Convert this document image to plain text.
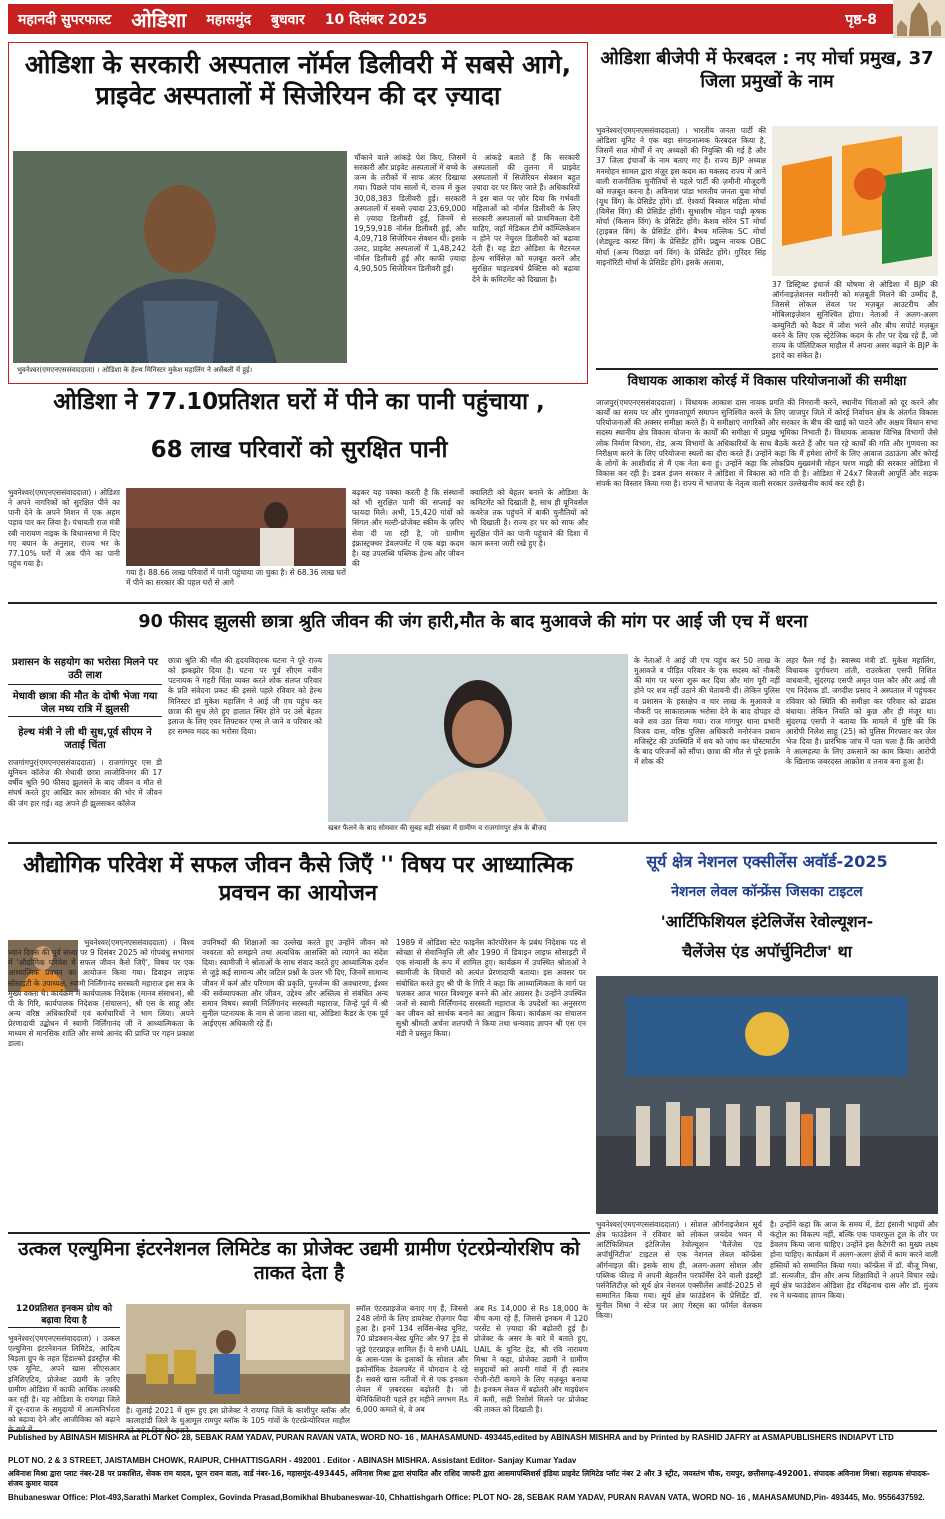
महानदी सुपरफास्ट ओडिशा महासमुंद बुधवार 10 दिसंबर 2025	पृष्ठ-8
ओडिशा के सरकारी अस्पताल नॉर्मल डिलीवरी में सबसे आगे, प्राइवेट अस्पतालों में सिजेरियन की दर ज़्यादा
भुवनेश्वर(एमएनएससंवाददाता) । ओडिशा के हेल्थ मिनिस्टर मुकेश महालिंग ने असेंबली में हुई।
चौंकाने वाले आंकड़े पेश किए, जिसमें सरकारी और प्राइवेट अस्पतालों में बच्चे के जन्म के तरीकों में साफ अंतर दिखाया गया। पिछले पांच सालों में, राज्य में कुल 30,08,383 डिलीवरी हुईं। सरकारी अस्पतालों में सबसे ज़्यादा 23,69,000 से ज़्यादा डिलीवरी हुईं, जिनमें से 19,59,918 नॉर्मल डिलीवरी हुईं, और 4,09,718 सिजेरियन सेक्शन थीं। इसके उलट, प्राइवेट अस्पतालों में 1,48,242 नॉर्मल डिलीवरी हुईं और काफी ज़्यादा 4,90,505 सिजेरियन डिलीवरी हुईं।
ये आंकड़े बताते हैं कि सरकारी अस्पतालों की तुलना में प्राइवेट अस्पतालों में सिजेरियन सेक्शन बहुत ज़्यादा दर पर किए जाते हैं। अधिकारियों ने इस बात पर ज़ोर दिया कि गर्भवती महिलाओं को नॉर्मल डिलीवरी के लिए सरकारी अस्पतालों को प्राथमिकता देनी चाहिए, जहाँ मेडिकल टीमें कॉम्प्लिकेशन न होने पर नेचुरल डिलीवरी को बढ़ावा देती हैं। यह डेटा ओडिशा के मैटरनल हेल्थ सर्विसेज़ को मज़बूत करने और सुरक्षित चाइल्डबर्थ प्रैक्टिस को बढ़ावा देने के कमिटमेंट को दिखाता है।
ओडिशा बीजेपी में फेरबदल : नए मोर्चा प्रमुख, 37 जिला प्रमुखों के नाम
भुवनेश्वर(एमएनएससंवाददाता) । भारतीय जनता पार्टी की ओडिशा यूनिट ने एक बड़ा संगठनात्मक फेरबदल किया है, जिसमें सात मोर्चों में नए अध्यक्षों की नियुक्ति की गई है और 37 जिला इंचार्जों के नाम बताए गए हैं। राज्य BJP अध्यक्ष मनमोहन सामल द्वारा मंज़ूर इस कदम का मकसद राज्य में आने वाली राजनीतिक चुनौतियों से पहले पार्टी की ज़मीनी मौजूदगी को मज़बूत करना है। अविनाश पांडा भारतीय जनता युवा मोर्चा (यूथ विंग) के प्रेसिडेंट होंगे। डॉ. ऐश्वर्या बिस्वाल महिला मोर्चा (विमेंस विंग) की प्रेसिडेंट होंगी। सुभाशीष मोहन पाढ़ी कृषक मोर्चा (किसान विंग) के प्रेसिडेंट होंगे। केशव सोरेन ST मोर्चा (ट्राइबल विंग) के प्रेसिडेंट होंगे। बैभब मल्लिक SC मोर्चा (शेड्यूल्ड कास्ट विंग) के प्रेसिडेंट होंगे। प्रद्युम्न नायक OBC मोर्चा (अन्य पिछड़ा वर्ग विंग) के प्रेसिडेंट होंगे। गुरिंदर सिंह माइनॉरिटी मोर्चा के प्रेसिडेंट होंगे। इसके अलावा,
37 डिस्ट्रिक्ट इंचार्ज की घोषणा से ओडिशा में BJP की ऑर्गनाइज़ेशनल मशीनरी को मज़बूती मिलने की उम्मीद है, जिससे लोकल लेवल पर मज़बूत आउटरीच और मोबिलाइज़ेशन सुनिश्चित होगा। नेताओं ने अलग-अलग कम्युनिटी को कैडर में जोश भरने और बीच सपोर्ट मज़बूत करने के लिए एक स्ट्रेटेजिक कदम के तौर पर देख रहे हैं, जो राज्य के पॉलिटिकल माहौल में अपना असर बढ़ाने के BJP के इरादे का संकेत है।
विधायक आकाश कोरई में विकास परियोजनाओं की समीक्षा
जाजपुर(एमएनएससंवाददाता) । विधायक आकाश दास नायक प्रगति की निगरानी करने, स्थानीय चिंताओं को दूर करने और कार्यों का समय पर और गुणवत्तापूर्ण समापन सुनिश्चित करने के लिए जाजपुर जिले में कोरई निर्वाचन क्षेत्र के अंतर्गत विकास परियोजनाओं की अक्सर समीक्षा करते हैं। ये समीक्षाएं नागरिकों और सरकार के बीच की खाई को पाटने और अक्षय विधान सभा सदस्य स्थानीय क्षेत्र विकास योजना के कार्यों की समीक्षा में प्रमुख भूमिका निभाती हैं। विधायक आकाश विभिन्न विभागों जैसे लोक निर्माण विभाग, रोड, अन्य विभागों के अधिकारियों के साथ बैठकें करते हैं और चल रहे कार्यों की गति और गुणवत्ता का निरीक्षण करने के लिए परियोजना स्थलों का दौरा करते हैं। उन्होंने कहा कि मैं हमेशा लोगों के लिए आवाज उठाऊंगा और कोरई के लोगों के आशीर्वाद से मैं एक नेता बना हूं। उन्होंने कहा कि लोकप्रिय मुख्यमंत्री मोहन चरण माझी की सरकार ओडिशा में विकास कर रही है। डबल इंजन सरकार ने ओडिशा में विकास को गति दी है। ओडिशा में 24x7 बिजली आपूर्ति और सड़क संपर्क का विस्तार किया गया है। राज्य में भाजपा के नेतृत्व वाली सरकार उल्लेखनीय कार्य कर रही है।
ओडिशा ने 77.10प्रतिशत घरों में पीने का पानी पहुंचाया ,
68 लाख परिवारों को सुरक्षित पानी
भुवनेश्वर(एमएनएससंवाददाता) । ओडिशा ने अपने नागरिकों को सुरक्षित पीने का पानी देने के अपने मिशन में एक अहम पड़ाव पार कर लिया है। पंचायती राज मंत्री रबी नारायण नाइक के विधानसभा में दिए गए बयान के अनुसार, राज्य भर के 77.10% घरों में अब पीने का पानी पहुंच गया है।
गया है। 88.66 लाख परिवारों में पानी पहुंचाया जा चुका है। से 68.36 लाख घरों में पीने का सरकार की पहल घरों से आगे
बढ़कर यह पक्का करती है कि संस्थानों को भी सुरक्षित पानी की सप्लाई का फायदा मिले। अभी, 15,420 गांवों को सिंगल और मल्टी-प्रोजेक्ट स्कीम के ज़रिए सेवा दी जा रही है, जो ग्रामीण इंफ्रास्ट्रक्चर डेवलपमेंट में एक बड़ा कदम है। यह उपलब्धि पब्लिक हेल्थ और जीवन की
क्वालिटी को बेहतर बनाने के ओडिशा के कमिटमेंट को दिखाती है, साथ ही यूनिवर्सल कवरेज तक पहुंचने में बाकी चुनौतियों को भी दिखाती है। राज्य हर घर को साफ और सुरक्षित पीने का पानी पहुंचाने की दिशा में काम करना जारी रखे हुए है।
90 फीसद झुलसी छात्रा श्रुति जीवन की जंग हारी,मौत के बाद मुआवजे की मांग पर आई जी एच में धरना
प्रशासन के सहयोग का भरोसा मिलने पर उठी लाश
मेधावी छात्रा की मौत के दोषी भेजा गया जेल मध्य रात्रि में झुलसी
हेल्थ मंत्री ने ली थी सुध,पूर्व सीएम ने जताई चिंता
राजगांगपुर(एमएनएससंवाददाता) । राजगांगपुर एस डी यूनियन कॉलेज की मेधावी छात्रा लाजोविनगर की 17 वर्षीय श्रुति 90 फीसद झुलसने के बाद जीवन व मौत से संघर्ष करते हुए आखिर कार सोमवार की भोर में जीवन की जंग हार गई। वह अपने ही झुलसकर कॉलेज
छात्रा श्रुति की मौत की हृदयविदारक घटना ने पूरे राज्य को झकझोर दिया है। घटना पर पूर्व सीएम नवीन पटनायक ने गहरी चिंता व्यक्त करते शोक संतप्त परिवार के प्रति संवेदना प्रकट की इससे पहले रविवार को हेल्थ मिनिस्टर डॉ मुकेश महालिंग ने आई जी एच पहुंच कर छात्रा की सुध लेते हुए हालात स्थिर होने पर उसे बेहतर इलाज के लिए एयर लिफ्टकर एम्स ले जाने व परिवार को हर सम्भव मदद का भरोसा दिया।
खबर फैलने के बाद सोमवार की सुबह बड़ी संख्या में ग्रामीण व राजगांगपुर क्षेत्र के बीजद
के नेताओं ने आई जी एच पहुंच कर 50 लाख के मुआवजे व पीड़ित परिवार के एक सदस्य को नौकरी की मांग पर धरना शुरू कर दिया और मांग पूरी नहीं होने पर शव नहीं उठाने की चेतावनी दी। लेकिन पुलिस व प्रशासन के हस्तक्षेप व चार लाख के मुआवजे व नौकरी पर साकारात्मक भरोसा देने के बाद दोपहर दो बजे शव उठा लिया गया। राज गांगपुर थाना प्रभारी विजय दास, वरिष्ठ पुलिस अधिकारी मनोरंजन प्रधान मजिस्ट्रेट की उपस्थिति में शव को जांच कर पोस्टमार्टम के बाद परिजनों को सौंपा। छात्रा की मौत से पूरे इलाके में शोक की
लहर फैल गई है। स्वास्थ्य मंत्री डॉ. मुकेश महालिंग, विधायक दुर्गाचरण तांती, राउरकेला एसपी निशित वाधवानी, सुंदरगढ़ एसपी अमृत पाल कौर और आई जी एच निदेशक डॉ. जगदीश प्रसाद ने अस्पताल में पहुंचकर रविवार को स्थिति की समीक्षा कर परिवार को ढांढस बंधाया। लेकिन नियति को कुछ और ही मंजूर था। सुंदरगढ़ एसपी ने बताया कि मामले में पुष्टि की कि आरोपी निलेश साहू (25) को पुलिस गिरफ्तार कर जेल भेज दिया है। प्रारंभिक जांच में पता चला है कि आरोपी ने आत्महत्या के लिए उकसाने का काम किया। आरोपी के खिलाफ जबरदस्त आक्रोश व तनाव बना हुआ है।
औद्योगिक परिवेश में सफल जीवन कैसे जिएँ '' विषय पर आध्यात्मिक प्रवचन का आयोजन
भुवनेश्वर(एमएनएससंवाददाता) । विश्व ध्यान दिवस की पूर्व संध्या पर 9 दिसंबर 2025 को गोपबंधु सभागार में 'औद्योगिक परिवेश में सफल जीवन कैसे जिएँ', विषय पर एक आध्यात्मिक प्रवचन का आयोजन किया गया। डिवाइन लाइफ सोसाइटी के उपाध्यक्ष, स्वामी निर्लिंगानंद सरस्वती महाराज इस सत्र के मुख्य वक्ता थे। कार्यक्रम में कार्यपालक निदेशक (मानव संसाधन), श्री पी के गिरि, कार्यपालक निदेशक (संचालन), श्री एस के साहू और अन्य वरिष्ठ अधिकारियों एवं कर्मचारियों ने भाग लिया। अपने प्रेरणादायी उद्बोधन में स्वामी निर्लिंगानंद जी ने आध्यात्मिकता के माध्यम से मानसिक शांति और सच्चे आनंद की प्राप्ति पर गहन प्रकाश डाला।
उपनिषदों की शिक्षाओं का उल्लेख करते हुए उन्होंने जीवन को नश्वरता को समझने तथा अत्यधिक आसक्ति को त्यागने का संदेश दिया। स्वामीजी ने श्रोताओं के साथ संवाद करते हुए आध्यात्मिक दर्शन से जुड़े कई सामान्य और जटिल प्रश्नों के उत्तर भी दिए, जिनमें सामान्य जीवन में कर्म और परिणाम की प्रकृति, पुनर्जन्म की अवधारणा, ईश्वर की सर्वव्यापकता और जीवन, उद्देश्य और अस्तित्व से संबंधित अन्य समान विषय। स्वामी निर्लिंगानंद सरस्वती महाराज, जिन्हें पूर्व में श्री सुनील पटनायक के नाम से जाना जाता था, ओडिशा कैडर के एक पूर्व आईएएस अधिकारी रहे हैं।
1989 में ओडिशा स्टेट फाइनेंस कॉरपोरेशन के प्रबंध निदेशक पद से स्वेच्छा से सेवानिवृत्ति ली और 1990 में डिवाइन लाइफ सोसाइटी में एक संन्यासी के रूप में शामिल हुए। कार्यक्रम में उपस्थित श्रोताओं ने स्वामीजी के विचारों को अत्यंत प्रेरणादायी बताया। इस अवसर पर संबोधित करते हुए श्री पी के गिरि ने कहा कि आध्यात्मिकता के मार्ग पर चलकर आज भारत विश्वगुरु बनने की ओर अग्रसर है। उन्होंने उपस्थित जनों से स्वामी निर्लिंगानंद सरस्वती महाराज के उपदेशों का अनुसरण कर जीवन को सार्थक बनाने का आह्वान किया। कार्यक्रम का संचालन सुश्री श्रीमती अर्चना शतपथी ने किया तथा धन्यवाद ज्ञापन श्री एस एन मंडी ने प्रस्तुत किया।
सूर्य क्षेत्र नेशनल एक्सीलेंस अवॉर्ड-2025
नेशनल लेवल कॉन्फ्रेंस जिसका टाइटल
'आर्टिफिशियल इंटेलिजेंस रेवोल्यूशन-
चैलेंजेस एंड अपॉर्चुनिटीज' था
भुवनेश्वर(एमएनएससंवाददाता) । सोशल ऑर्गनाइजेशन सूर्य क्षेत्र फाउंडेशन ने रविवार को लोकल जयदेव भवन में आर्टिफिशियल इंटेलिजेंस रेवोल्यूशन 'चैलेंजेस एंड अपॉर्चुनिटीज' टाइटल से एक नेशनल लेवल कॉन्फ्रेंस ऑर्गनाइज़ की। इसके साथ ही, अलग-अलग सोशल और पब्लिक फील्ड में अपनी बेहतरीन परफॉर्मेंस देने वाली इंडस्ट्री पर्सनैलिटीज़ को सूर्य क्षेत्र नेशनल एक्सीलेंस अवॉर्ड-2025 से सम्मानित किया गया। सूर्य क्षेत्र फाउंडेशन के प्रेसिडेंट डॉ. सुनील मिश्रा ने स्टेज पर आए गेस्ट्स का फॉर्मल वेलकम किया।
है। उन्होंने कहा कि आज के समय में, डेटा इंसानी भाइयों और कंट्रोल का विकल्प नहीं, बल्कि एक पावरफुल टूल के तौर पर डेवलप किया जाना चाहिए। उन्होंने इस कैटेगरी का मुख्य लक्ष्य होना चाहिए। कार्यक्रम में अलग-अलग क्षेत्रों में काम करने वाली हस्तियों को सम्मानित किया गया। कॉन्फ्रेंस में डॉ. बीजू मिश्रा, डॉ. सत्यजीत, डीन और अन्य शिक्षाविदों ने अपने विचार रखे। सूर्य क्षेत्र फाउंडेशन ओडिशा हेड रविंद्रनाथ दास और डॉ. मुंजय रथ ने धन्यवाद ज्ञापन किया।
उत्कल एल्युमिना इंटरनेशनल लिमिटेड का प्रोजेक्ट उद्यमी ग्रामीण एंटरप्रेन्योरशिप को ताकत देता है
120प्रतिशत इनकम ग्रोथ को बढ़ावा दिया है
भुवनेश्वर(एमएनएससंवाददाता) । उत्कल एल्युमिना इंटरनेशनल लिमिटेड, आदित्य बिड़ला ग्रुप के तहत हिंडाल्को इंडस्ट्रीज़ की एक यूनिट, अपने खास सीएसआर इनिशिएटिव, प्रोजेक्ट उद्यमी के ज़रिए ग्रामीण ओडिशा में काफी आर्थिक तरक्की कर रही है। यह ओडिशा के रायगढ़ा जिले में दूर-दराज के समुदायों में आत्मनिर्भरता को बढ़ावा देने और आजीविका को बढ़ाने
है। जुलाई 2021 में शुरू हुए इस प्रोजेक्ट ने रायगढ़ जिले के काशीपुर ब्लॉक और कालाहांडी जिले के थुआमूल रामपुर ब्लॉक के 105 गांवों के एंटरप्रेन्योरियल माहौल
स्मॉल एंटरप्राइजेज बनाए गए हैं, जिससे 248 लोगों के लिए डायरेक्ट रोज़गार पैदा हुआ है। इनमें 134 सर्विस-बेस्ड यूनिट, 70 प्रोडक्शन-बेस्ड यूनिट और 97 ट्रेड से जुड़े एंटरप्राइज़ शामिल हैं। ये सभी UAIL के आस-पास के इलाकों के सोशल और इकोनॉमिक डेवलपमेंट में योगदान दे रहे हैं। सबसे खास नतीजों में से एक इनकम लेवल में ज़बरदस्त बढ़ोतरी है। जो बेनिफिशियरी पहले हर महीने लगभग Rs 6,000 कमाते थे, वे अब
अब Rs 14,000 से Rs 18,000 के बीच कमा रहे हैं, जिससे इनकम में 120 परसेंट से ज़्यादा की बढ़ोतरी हुई है। प्रोजेक्ट के असर के बारे में बताते हुए, UAIL के यूनिट हेड, श्री रवि नारायण मिश्रा ने कहा, प्रोजेक्ट उद्यमी ने ग्रामीण समुदायों को अपनी गांवों में ही स्वतंत्र रोजी-रोटी कमाने के लिए मज़बूत बनाया है। इनकम लेवल में बढ़ोतरी और माइग्रेशन में कमी, सही रिसोर्स मिलने पर प्रोजेक्ट की ताकत को दिखाती है।
Published by ABINASH MISHRA at PLOT NO- 28, SEBAK RAM YADAV, PURAN RAVAN VATA, WORD NO- 16 , MAHASAMUND- 493445,edited by ABINASH MISHRA and by Printed by RASHID JAFRY at ASMAPUBLISHERS INDIAPVT LTD
PLOT NO. 2 & 3 STREET, JAISTAMBH CHOWK, RAIPUR, CHHATTISGARH - 492001 . Editor - ABINASH MISHRA. Assistant Editor- Sanjay Kumar Yadav
अविनाश मिश्रा द्वारा प्लाट नंबर-28 पर प्रकाशित, सेवक राम यादव, पूरन रावन वाता, वार्ड नंबर-16, महासमुंद-493445, अविनाश मिश्रा द्वारा संपादित और राशिद जाफरी द्वारा आसमापब्लिशर्स इंडिया प्राइवेट लिमिटेड प्लॉट नंबर 2 और 3 स्ट्रीट, जयस्तंभ चौक, रायपुर, छत्तीसगढ़-492001. संपादक अविनाश मिश्रा। सहायक संपादक-संजय कुमार यादव
Bhubaneswar Office: Plot-493,Sarathi Market Complex, Govinda Prasad,Bomikhal Bhubaneswar-10, Chhattishgarh Office: PLOT NO- 28, SEBAK RAM YADAV, PURAN RAVAN VATA, WORD NO- 16 , MAHASAMUND,Pin- 493445, Mo. 9556437592.
